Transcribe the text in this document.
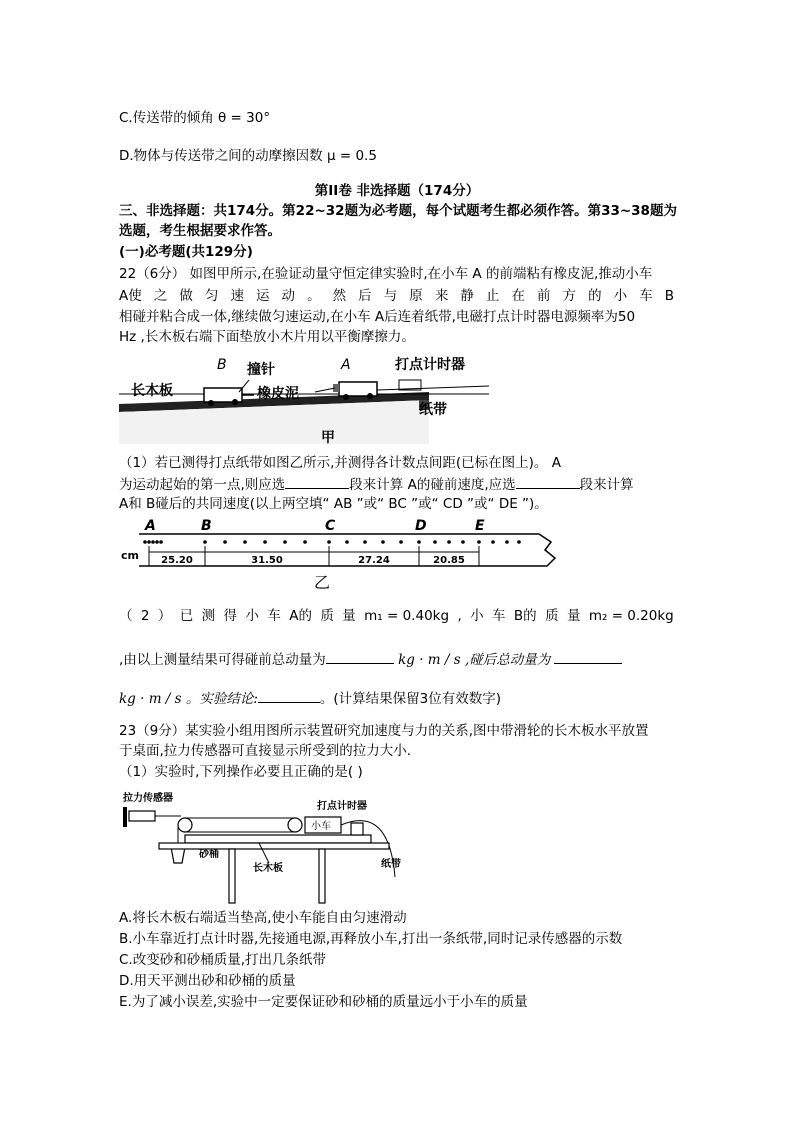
C.传送带的倾角 θ = 30°
D.物体与传送带之间的动摩擦因数 μ = 0.5
第II卷 非选择题（174分）
三、非选择题：共174分。第22~32题为必考题，每个试题考生都必须作答。第33~38题为
选题，考生根据要求作答。
(一)必考题(共129分)
22（6分） 如图甲所示,在验证动量守恒定律实验时,在小车 A 的前端粘有橡皮泥,推动小车
A使 之 做 匀 速 运 动 。 然 后 与 原 来 静 止 在 前 方 的 小 车 B
相碰并粘合成一体,继续做匀速运动,在小车 A后连着纸带,电磁打点计时器电源频率为50
Hz ,长木板右端下面垫放小木片用以平衡摩擦力。
B 撞针	A	打点计时器
长木板	橡皮泥
纸带
甲
（1）若已测得打点纸带如图乙所示,并测得各计数点间距(已标在图上)。 A
为运动起始的第一点,则应选	段来计算 A的碰前速度,应选	段来计算
A和 B碰后的共同速度(以上两空填“ AB ”或“ BC ”或“ CD ”或“ DE ”)。
cm
A	B	C	D	E
25.20	31.50	27.24	20.85
乙
（ 2 ） 已 测 得 小 车 A的 质 量 m₁ = 0.40kg , 小 车 B的 质 量 m₂ = 0.20kg
,由以上测量结果可得碰前总动量为	kg · m / s ,碰后总动量为
kg · m / s 。实验结论:	。(计算结果保留3位有效数字)
23（9分）某实验小组用图所示装置研究加速度与力的关系,图中带滑轮的长木板水平放置
于桌面,拉力传感器可直接显示所受到的拉力大小.
（1）实验时,下列操作必要且正确的是( )
拉力传感器
打点计时器
砂桶
小车
纸带
长木板
A.将长木板右端适当垫高,使小车能自由匀速滑动
B.小车靠近打点计时器,先接通电源,再释放小车,打出一条纸带,同时记录传感器的示数
C.改变砂和砂桶质量,打出几条纸带
D.用天平测出砂和砂桶的质量
E.为了减小误差,实验中一定要保证砂和砂桶的质量远小于小车的质量
